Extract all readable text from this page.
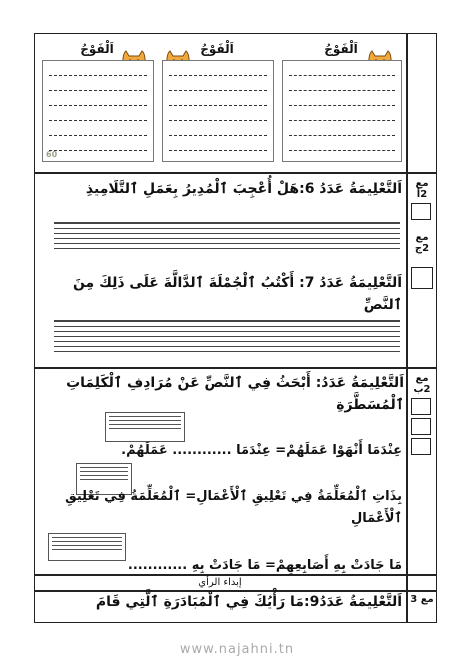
اَلْفَوْجُ
60
اَلْفَوْجُ	اَلْفَوْجُ
مع 2أ
اَلتَّعْلِيمَةُ عَدَدُ 6:هَلْ أُعْجِبَ ٱلْمُدِيرُ بِعَمَلِ ٱلتَّلَامِيذِ
مع 2ج
اَلتَّعْلِيمَةُ عَدَدُ 7: أَكْتُبُ ٱلْجُمْلَةَ ٱلدَّالَّةَ عَلَى ذَلِكَ مِنَ ٱلنَّصِّ
مع 2ب
اَلتَّعْلِيمَةُ عَدَدُ: أَبْحَثُ فِي ٱلنَّصِّ عَنْ مُرَادِفِ ٱلْكَلِمَاتِ ٱلْمُسَطَّرَةِ
عِنْدَمَا أَنْهَوْا عَمَلَهُمْ= عِنْدَمَا ............ عَمَلَهُمْ.
بِذَاتِ ٱلْمُعَلِّمَةُ فِي تَعْلِيقِ ٱلْأَعْمَالِ= ٱلْمُعَلِّمَةُ فِي تَعْلِيقِ ٱلْأَعْمَالِ
مَا جَادَتْ بِهِ أَصَابِعِهِمْ= مَا جَادَتْ بِهِ ............
إبداء الرأي
مع 3
اَلتَّعْلِيمَةُ عَدَدُ9:مَا رَأْيُكَ فِي ٱلْمُبَادَرَةِ ٱلَّتِي قَامَ
www.najahni.tn
